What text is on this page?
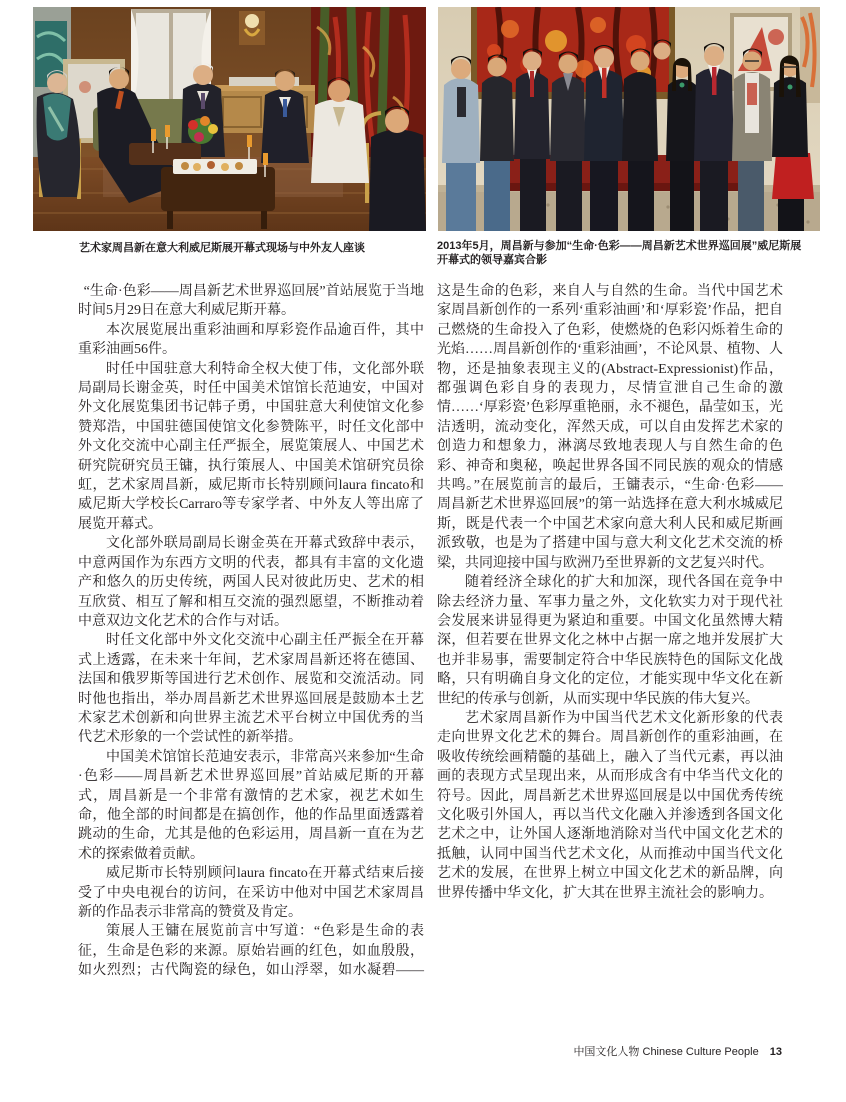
艺术家周昌新在意大利威尼斯展开幕式现场与中外友人座谈	2013年5月，周昌新与参加“生命·色彩——周昌新艺术世界巡回展”威尼斯展开幕式的领导嘉宾合影

“生命·色彩——周昌新艺术世界巡回展”首站展览于当地时间5月29日在意大利威尼斯开幕。

本次展览展出重彩油画和厚彩瓷作品逾百件，其中重彩油画56件。

时任中国驻意大利特命全权大使丁伟，文化部外联局副局长谢金英，时任中国美术馆馆长范迪安，中国对外文化展览集团书记韩子勇，中国驻意大利使馆文化参赞郑浩，中国驻德国使馆文化参赞陈平，时任文化部中外文化交流中心副主任严振全，展览策展人、中国艺术研究院研究员王镛，执行策展人、中国美术馆研究员徐虹，艺术家周昌新，威尼斯市长特别顾问laura fincato和威尼斯大学校长Carraro等专家学者、中外友人等出席了展览开幕式。

文化部外联局副局长谢金英在开幕式致辞中表示，中意两国作为东西方文明的代表，都具有丰富的文化遗产和悠久的历史传统，两国人民对彼此历史、艺术的相互欣赏、相互了解和相互交流的强烈愿望，不断推动着中意双边文化艺术的合作与对话。

时任文化部中外文化交流中心副主任严振全在开幕式上透露，在未来十年间，艺术家周昌新还将在德国、法国和俄罗斯等国进行艺术创作、展览和交流活动。同时他也指出，举办周昌新艺术世界巡回展是鼓励本土艺术家艺术创新和向世界主流艺术平台树立中国优秀的当代艺术形象的一个尝试性的新举措。

中国美术馆馆长范迪安表示，非常高兴来参加“生命·色彩——周昌新艺术世界巡回展”首站威尼斯的开幕式，周昌新是一个非常有激情的艺术家，视艺术如生命，他全部的时间都是在搞创作，他的作品里面透露着跳动的生命，尤其是他的色彩运用，周昌新一直在为艺术的探索做着贡献。

威尼斯市长特别顾问laura fincato在开幕式结束后接受了中央电视台的访问，在采访中他对中国艺术家周昌新的作品表示非常高的赞赏及肯定。

策展人王镛在展览前言中写道：“色彩是生命的表征，生命是色彩的来源。原始岩画的红色，如血殷殷，如火烈烈；古代陶瓷的绿色，如山浮翠，如水凝碧——这是生命的色彩，来自人与自然的生命。当代中国艺术家周昌新创作的一系列‘重彩油画’和‘厚彩瓷’作品，把自己燃烧的生命投入了色彩，使燃烧的色彩闪烁着生命的光焰……周昌新创作的‘重彩油画’，不论风景、植物、人物，还是抽象表现主义的(Abstract-Expressionist)作品，都强调色彩自身的表现力，尽情宣泄自己生命的激情……‘厚彩瓷’色彩厚重艳丽，永不褪色，晶莹如玉，光洁透明，流动变化，浑然天成，可以自由发挥艺术家的创造力和想象力，淋漓尽致地表现人与自然生命的色彩、神奇和奥秘，唤起世界各国不同民族的观众的情感共鸣。”在展览前言的最后，王镛表示，“生命·色彩——周昌新艺术世界巡回展”的第一站选择在意大利水城威尼斯，既是代表一个中国艺术家向意大利人民和威尼斯画派致敬，也是为了搭建中国与意大利文化艺术交流的桥梁，共同迎接中国与欧洲乃至世界新的文艺复兴时代。

随着经济全球化的扩大和加深，现代各国在竞争中除去经济力量、军事力量之外，文化软实力对于现代社会发展来讲显得更为紧迫和重要。中国文化虽然博大精深，但若要在世界文化之林中占据一席之地并发展扩大也并非易事，需要制定符合中华民族特色的国际文化战略，只有明确自身文化的定位，才能实现中华文化在新世纪的传承与创新，从而实现中华民族的伟大复兴。

艺术家周昌新作为中国当代艺术文化新形象的代表走向世界文化艺术的舞台。周昌新创作的重彩油画，在吸收传统绘画精髓的基础上，融入了当代元素，再以油画的表现方式呈现出来，从而形成含有中华当代文化的符号。因此，周昌新艺术世界巡回展是以中国优秀传统文化吸引外国人，再以当代文化融入并渗透到各国文化艺术之中，让外国人逐渐地消除对当代中国文化艺术的抵触，认同中国当代艺术文化，从而推动中国当代文化艺术的发展，在世界上树立中国文化艺术的新品牌，向世界传播中华文化，扩大其在世界主流社会的影响力。

中国文化人物 Chinese Culture People 13
